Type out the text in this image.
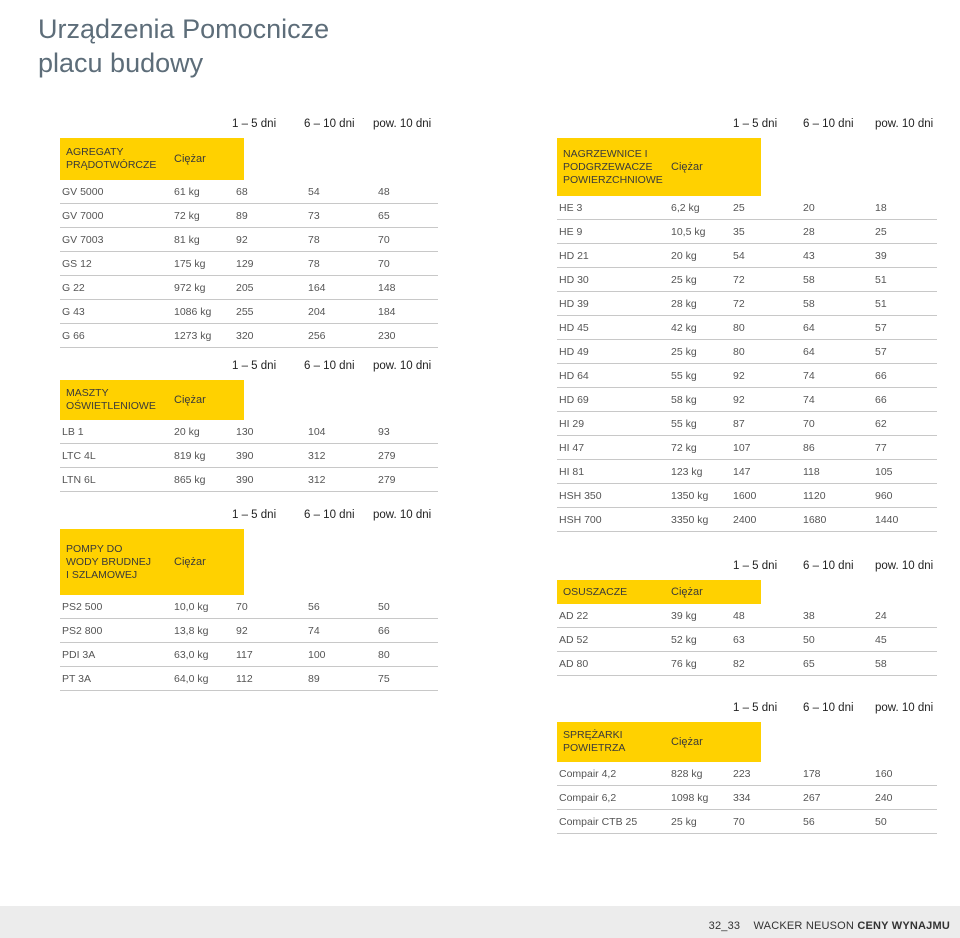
Urządzenia Pomocnicze
placu budowy
1 – 5 dni 6 – 10 dni pow. 10 dni
AGREGATY
PRĄDOTWÓRCZE Ciężar
GV 5000	61 kg	68	54	48
GV 7000	72 kg	89	73	65
GV 7003	81 kg	92	78	70
GS 12	175 kg	129	78	70
G 22	972 kg	205	164	148
G 43	1086 kg 255	204	184
G 66	1273 kg 320	256	230
1 – 5 dni 6 – 10 dni pow. 10 dni
MASZTY
OŚWIETLENIOWE Ciężar
LB 1	20 kg	130	104	93
LTC 4L	819 kg	390	312	279
LTN 6L	865 kg	390	312	279
1 – 5 dni 6 – 10 dni pow. 10 dni
POMPY DO
WODY BRUDNEJ
I SZLAMOWEJ
Ciężar
PS2 500	10,0 kg	70	56	50
PS2 800	13,8 kg	92	74	66
PDI 3A	63,0 kg	117	100	80
PT 3A	64,0 kg	112	89	75
1 – 5 dni 6 – 10 dni pow. 10 dni
NAGRZEWNICE I
PODGRZEWACZE
POWIERZCHNIOWE
Ciężar
HE 3	6,2 kg	25	20	18
HE 9	10,5 kg	35	28	25
HD 21	20 kg	54	43	39
HD 30	25 kg	72	58	51
HD 39	28 kg	72	58	51
HD 45	42 kg	80	64	57
HD 49	25 kg	80	64	57
HD 64	55 kg	92	74	66
HD 69	58 kg	92	74	66
HI 29	55 kg	87	70	62
HI 47	72 kg	107	86	77
HI 81	123 kg	147	118	105
HSH 350	1350 kg 1600	1120	960
HSH 700	3350 kg 2400	1680	1440
1 – 5 dni 6 – 10 dni pow. 10 dni
OSUSZACZE	Ciężar
AD 22	39 kg	48	38	24
AD 52	52 kg	63	50	45
AD 80	76 kg	82	65	58
1 – 5 dni 6 – 10 dni pow. 10 dni
SPRĘŻARKI
POWIETRZA	Ciężar
Compair 4,2	828 kg	223	178	160
Compair 6,2	1098 kg 334	267	240
Compair CTB 25	25 kg	70	56	50
32_33 WACKER NEUSON CENY WYNAJMU
